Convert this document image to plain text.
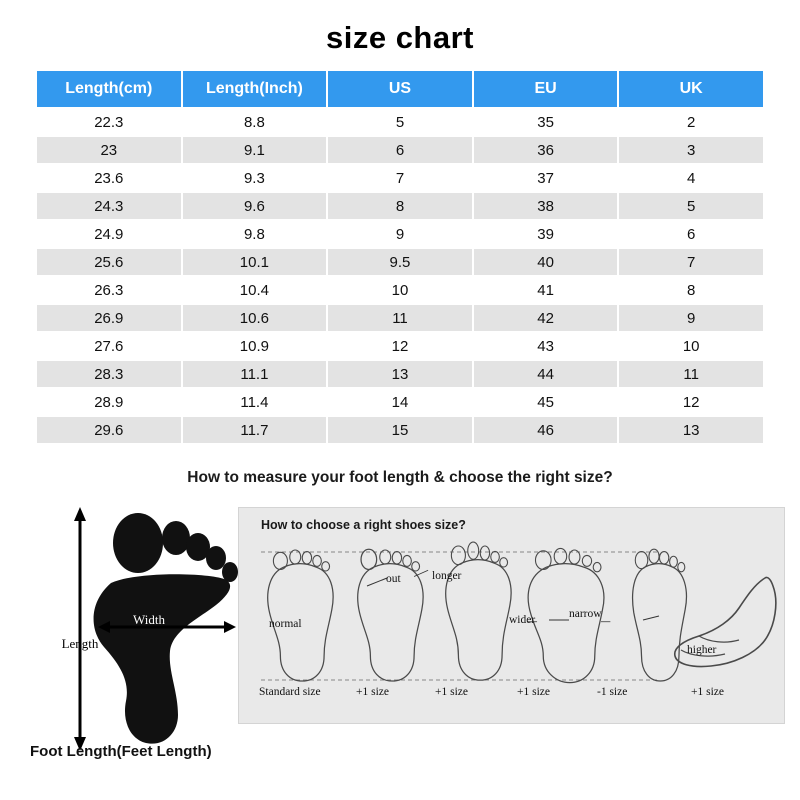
size chart
Length(cm)	Length(Inch)	US	EU	UK
22.3	8.8	5	35	2
23	9.1	6	36	3
23.6	9.3	7	37	4
24.3	9.6	8	38	5
24.9	9.8	9	39	6
25.6	10.1	9.5	40	7
26.3	10.4	10	41	8
26.9	10.6	11	42	9
27.6	10.9	12	43	10
28.3	11.1	13	44	11
28.9	11.4	14	45	12
29.6	11.7	15	46	13
How to measure your foot length & choose the right size?
Width
Length
Foot Length(Feet Length)
How to choose a right shoes size?
normal
out	longer
wider	narrow
higher
Standard size	+1 size	+1 size	+1 size	-1 size	+1 size
